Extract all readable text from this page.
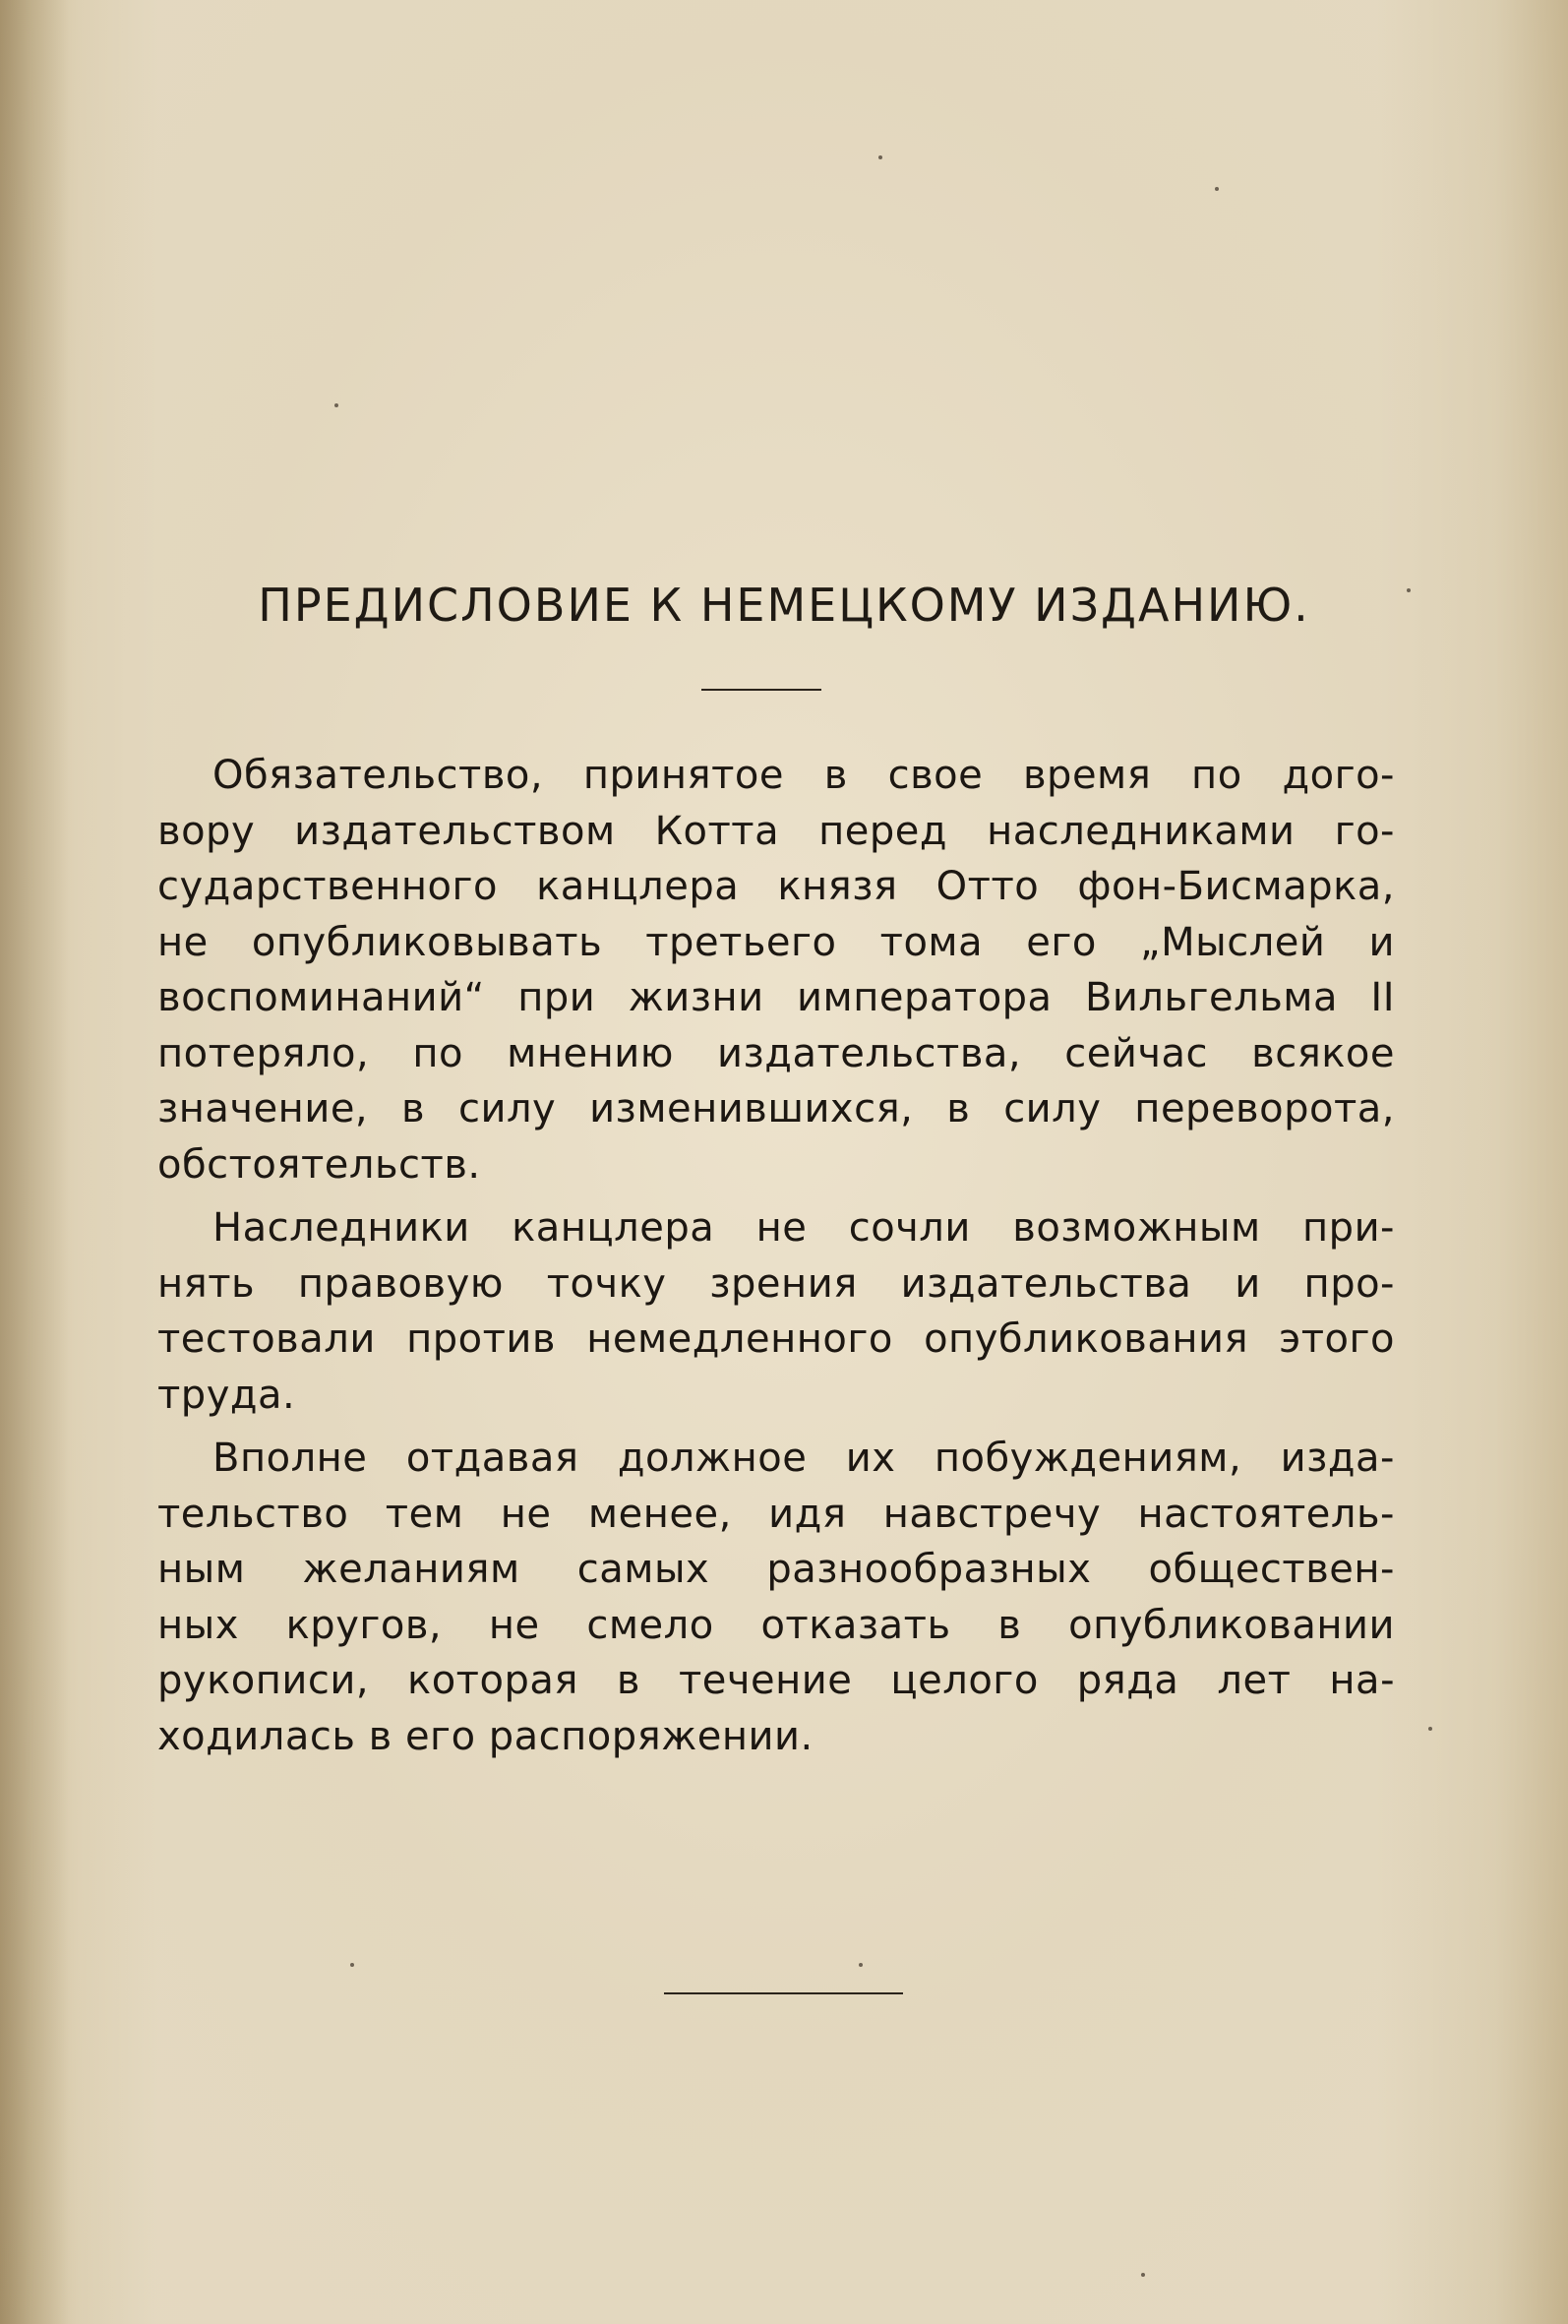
ПРЕДИСЛОВИЕ К НЕМЕЦКОМУ ИЗДАНИЮ.
Обязательство, принятое в свое время по дого-
вору издательством Котта перед наследниками го-
сударственного канцлера князя Отто фон-Бисмарка,
не опубликовывать третьего тома его „Мыслей и
воспоминаний“ при жизни императора Вильгельма II
потеряло, по мнению издательства, сейчас всякое
значение, в силу изменившихся, в силу переворота,
обстоятельств.
Наследники канцлера не сочли возможным при-
нять правовую точку зрения издательства и про-
тестовали против немедленного опубликования этого
труда.
Вполне отдавая должное их побуждениям, изда-
тельство тем не менее, идя навстречу настоятель-
ным желаниям самых разнообразных обществен-
ных кругов, не смело отказать в опубликовании
рукописи, которая в течение целого ряда лет на-
ходилась в его распоряжении.
